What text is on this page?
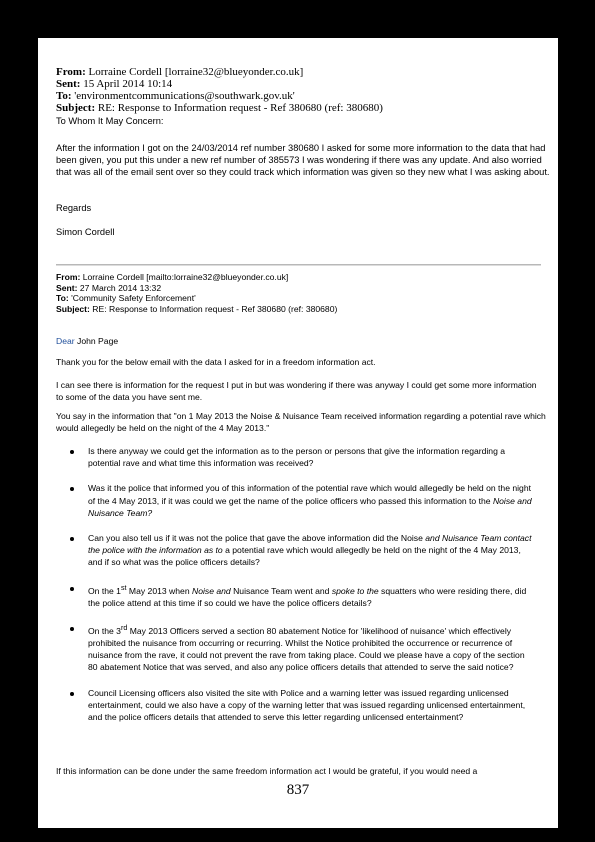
From: Lorraine Cordell [lorraine32@blueyonder.co.uk]
Sent: 15 April 2014 10:14
To: 'environmentcommunications@southwark.gov.uk'
Subject: RE: Response to Information request - Ref 380680 (ref: 380680)
To Whom It May Concern:
After the information I got on the 24/03/2014 ref number 380680 I asked for some more information to the data that had been given, you put this under a new ref number of 385573 I was wondering if there was any update. And also worried that was all of the email sent over so they could track which information was given so they new what I was asking about.
Regards
Simon Cordell
From: Lorraine Cordell [mailto:lorraine32@blueyonder.co.uk]
Sent: 27 March 2014 13:32
To: 'Community Safety Enforcement'
Subject: RE: Response to Information request - Ref 380680 (ref: 380680)
Dear John Page
Thank you for the below email with the data I asked for in a freedom information act.
I can see there is information for the request I put in but was wondering if there was anyway I could get some more information to some of the data you have sent me.
You say in the information that "on 1 May 2013 the Noise & Nuisance Team received information regarding a potential rave which would allegedly be held on the night of the 4 May 2013."
Is there anyway we could get the information as to the person or persons that give the information regarding a potential rave and what time this information was received?
Was it the police that informed you of this information of the potential rave which would allegedly be held on the night of the 4 May 2013, if it was could we get the name of the police officers who passed this information to the Noise and Nuisance Team?
Can you also tell us if it was not the police that gave the above information did the Noise and Nuisance Team contact the police with the information as to a potential rave which would allegedly be held on the night of the 4 May 2013, and if so what was the police officers details?
On the 1st May 2013 when Noise and Nuisance Team went and spoke to the squatters who were residing there, did the police attend at this time if so could we have the police officers details?
On the 3rd May 2013 Officers served a section 80 abatement Notice for 'likelihood of nuisance' which effectively prohibited the nuisance from occurring or recurring. Whilst the Notice prohibited the occurrence or recurrence of nuisance from the rave, it could not prevent the rave from taking place. Could we please have a copy of the section 80 abatement Notice that was served, and also any police officers details that attended to serve the said notice?
Council Licensing officers also visited the site with Police and a warning letter was issued regarding unlicensed entertainment, could we also have a copy of the warning letter that was issued regarding unlicensed entertainment, and the police officers details that attended to serve this letter regarding unlicensed entertainment?
If this information can be done under the same freedom information act I would be grateful, if you would need a
837
